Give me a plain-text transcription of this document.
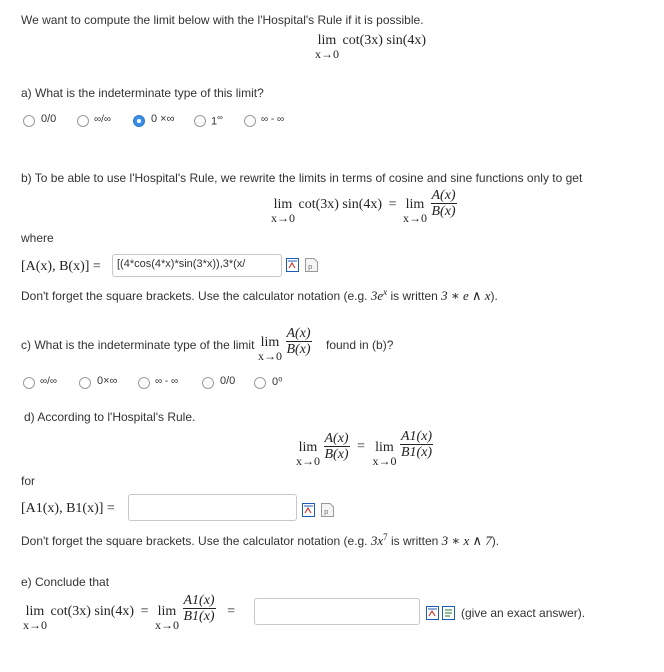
We want to compute the limit below with the l'Hospital's Rule if it is possible.
lim
x→0
cot(3x) sin(4x)
a) What is the indeterminate type of this limit?
0/0	∞/∞	0 ×∞	1∞	∞ - ∞
b) To be able to use l'Hospital's Rule, we rewrite the limits in terms of cosine and sine functions only to get
lim
x→0
cot(3x) sin(4x) = lim
x→0
$\frac{A(x)}{B(x)}$
where
[A(x), B(x)] =	[(4*cos(4*x)*sin(3*x)),3*(x/	p
Don't forget the square brackets. Use the calculator notation (e.g. $3e^x$ is written 3 ∗ e ∧ x).
c) What is the indeterminate type of the limit lim
x→0
$\frac{A(x)}{B(x)}$ found in (b)?
∞/∞	0×∞	∞ - ∞	0/0	0⁰
d) According to l'Hospital's Rule.
lim
x→0
$\frac{A(x)}{B(x)} = \lim$
x→0

$\frac{A1(x)}{B1(x)}$
for
[A1(x), B1(x)] =	p
Don't forget the square brackets. Use the calculator notation (e.g. $3x^7$ is written 3 ∗ x ∧ 7).
e) Conclude that
lim
x→0
cot(3x) sin(4x) = lim
x→0

$\frac{A1(x)}{B1(x)}$ =	(give an exact answer).
